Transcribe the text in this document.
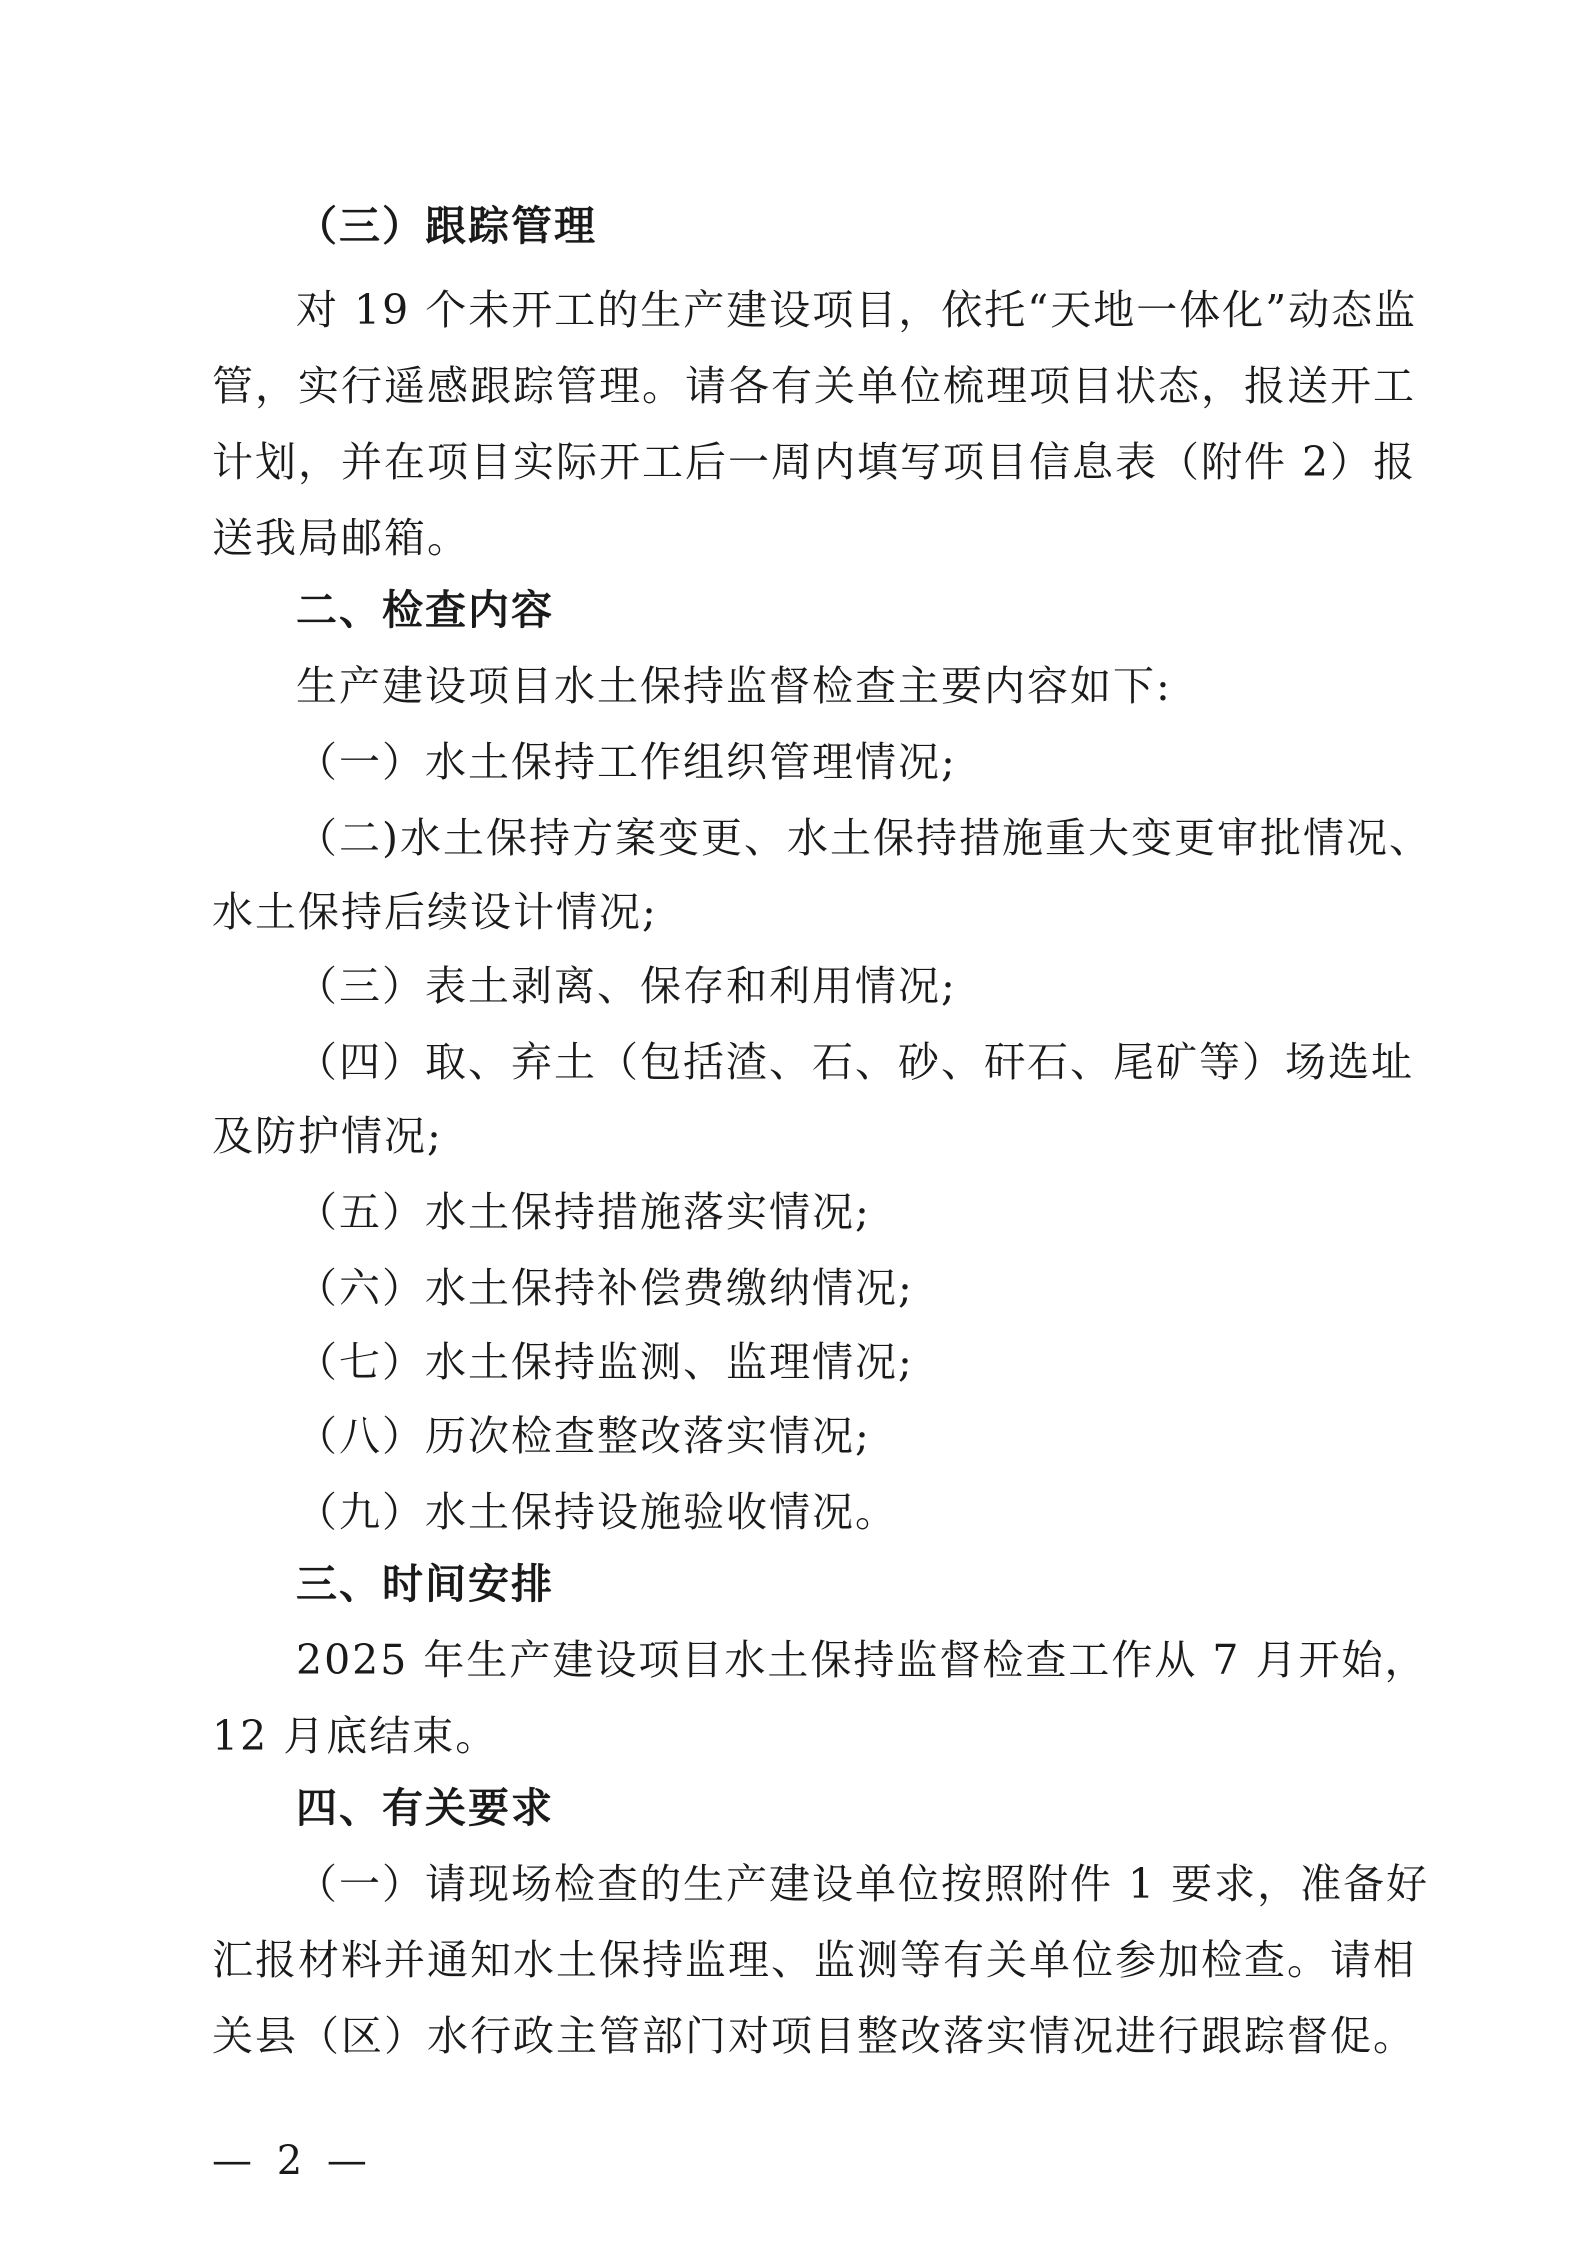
（三）跟踪管理
对 19 个未开工的生产建设项目，依托“天地一体化”动态监
管，实行遥感跟踪管理。请各有关单位梳理项目状态，报送开工
计划，并在项目实际开工后一周内填写项目信息表（附件 2）报
送我局邮箱。
二、检查内容
生产建设项目水土保持监督检查主要内容如下:
（一）水土保持工作组织管理情况;
（二)水土保持方案变更、水土保持措施重大变更审批情况、
水土保持后续设计情况;
（三）表土剥离、保存和利用情况;
（四）取、弃土（包括渣、石、砂、矸石、尾矿等）场选址
及防护情况;
（五）水土保持措施落实情况;
（六）水土保持补偿费缴纳情况;
（七）水土保持监测、监理情况;
（八）历次检查整改落实情况;
（九）水土保持设施验收情况。
三、时间安排
2025 年生产建设项目水土保持监督检查工作从 7 月开始，
12 月底结束。
四、有关要求
（一）请现场检查的生产建设单位按照附件 1 要求，准备好
汇报材料并通知水土保持监理、监测等有关单位参加检查。请相
关县（区）水行政主管部门对项目整改落实情况进行跟踪督促。
— 2 —
